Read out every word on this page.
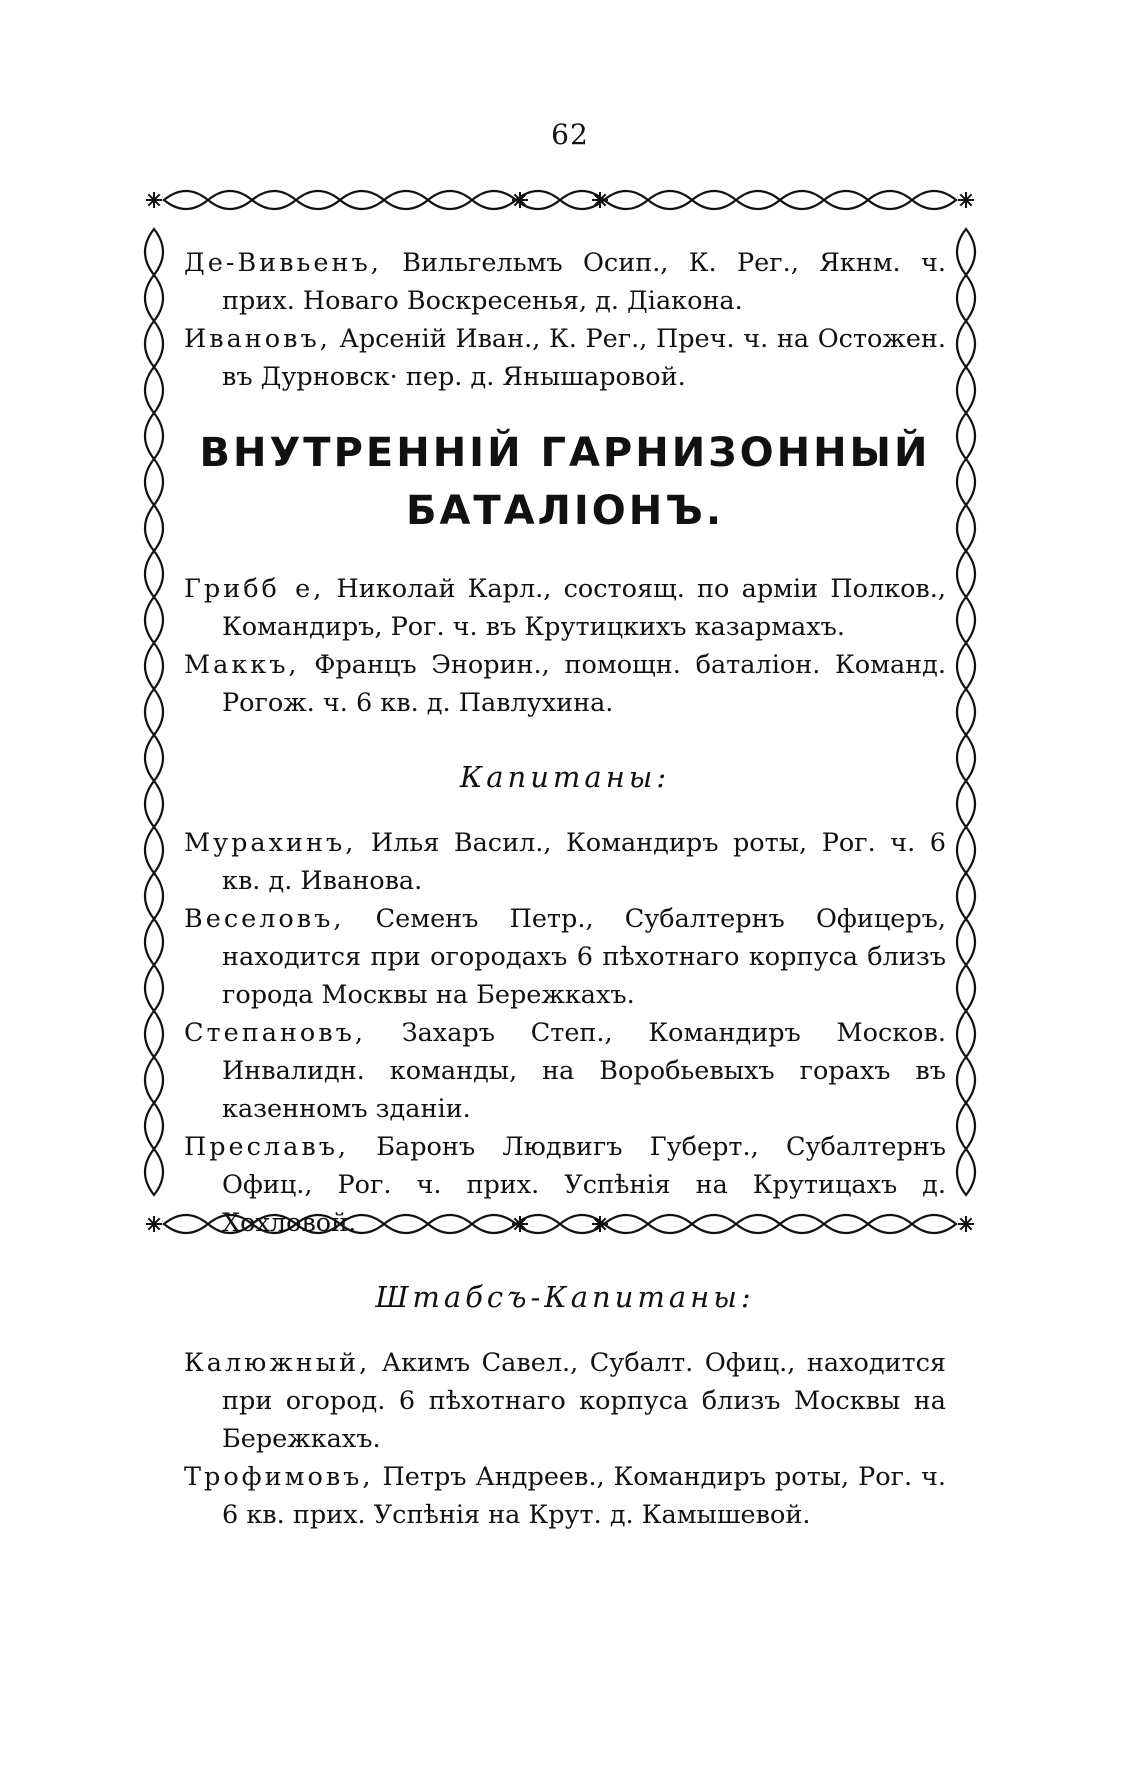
62

Де-Вивьенъ, Вильгельмъ Осип., К. Рег., Якнм. ч. прих. Новаго Воскресенья, д. Діакона.

Ивановъ, Арсеній Иван., К. Рег., Преч. ч. на Остожен. въ Дурновск· пер. д. Янышаровой.

ВНУТРЕННІЙ ГАРНИЗОННЫЙ
БАТАЛІОНЪ.

Грибб е, Николай Карл., состоящ. по арміи Полков., Командиръ, Рог. ч. въ Крутицкихъ казармахъ.

Маккъ, Францъ Энорин., помощн. баталіон. Команд. Рогож. ч. 6 кв. д. Павлухина.

Капитаны:

Мурахинъ, Илья Васил., Командиръ роты, Рог. ч. 6 кв. д. Иванова.

Веселовъ, Семенъ Петр., Субалтернъ Офицеръ, находится при огородахъ 6 пѣхотнаго корпуса близъ города Москвы на Бережкахъ.

Степановъ, Захаръ Степ., Командиръ Москов. Инвалидн. команды, на Воробьевыхъ горахъ въ казенномъ зданіи.

Преславъ, Баронъ Людвигъ Губерт., Субалтернъ Офиц., Рог. ч. прих. Успѣнія на Крутицахъ д. Хохловой.

Штабсъ-Капитаны:

Калюжный, Акимъ Савел., Субалт. Офиц., находится при огород. 6 пѣхотнаго корпуса близъ Москвы на Бережкахъ.

Трофимовъ, Петръ Андреев., Командиръ роты, Рог. ч. 6 кв. прих. Успѣнія на Крут. д. Камышевой.
